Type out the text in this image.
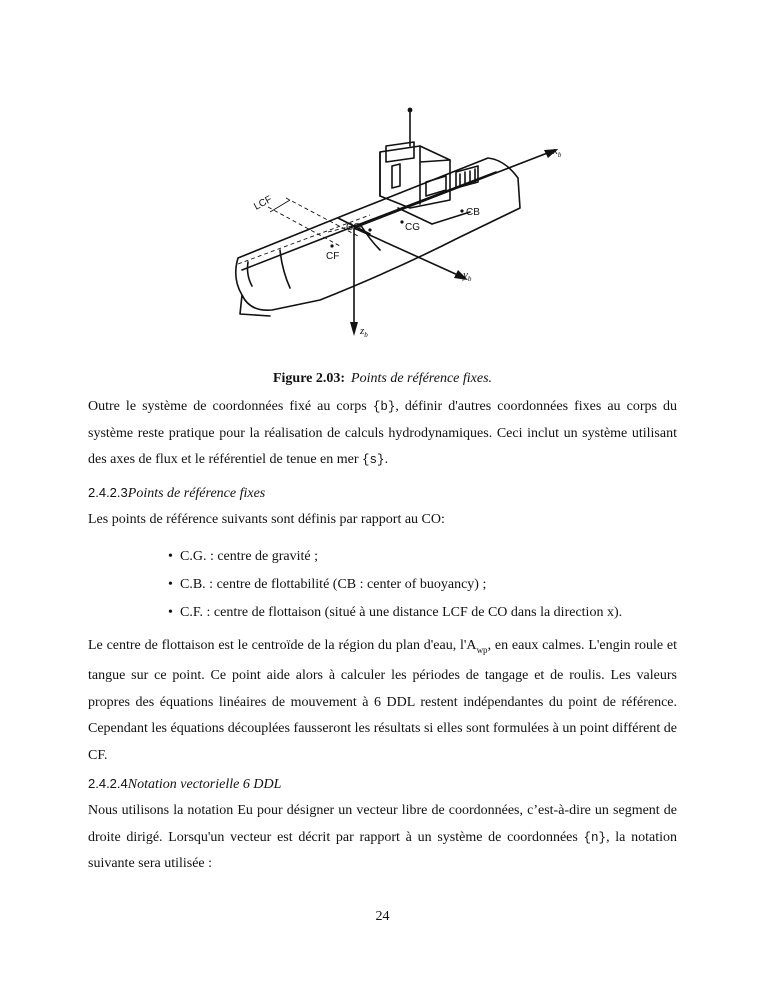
LCF
$x_b$
$y_b$
$z_b$
CO	CG
CB
CF
Figure 2.03: Points de référence fixes.
Outre le système de coordonnées fixé au corps {b}, définir d'autres coordonnées fixes au corps du système reste pratique pour la réalisation de calculs hydrodynamiques. Ceci inclut un système utilisant des axes de flux et le référentiel de tenue en mer {s}.
2.4.2.3Points de référence fixes
Les points de référence suivants sont définis par rapport au CO:
• C.G. : centre de gravité ;
• C.B. : centre de flottabilité (CB : center of buoyancy) ;
• C.F. : centre de flottaison (situé à une distance LCF de CO dans la direction x).
Le centre de flottaison est le centroïde de la région du plan d'eau, $l'A_{wp}$, en eaux calmes. L'engin roule et tangue sur ce point. Ce point aide alors à calculer les périodes de tangage et de roulis. Les valeurs propres des équations linéaires de mouvement à 6 DDL restent indépendantes du point de référence. Cependant les équations découplées fausseront les résultats si elles sont formulées à un point différent de CF.
2.4.2.4Notation vectorielle 6 DDL
Nous utilisons la notation Eu pour désigner un vecteur libre de coordonnées, c’est-à-dire un segment de droite dirigé. Lorsqu'un vecteur est décrit par rapport à un système de coordonnées {n}, la notation suivante sera utilisée :
24
